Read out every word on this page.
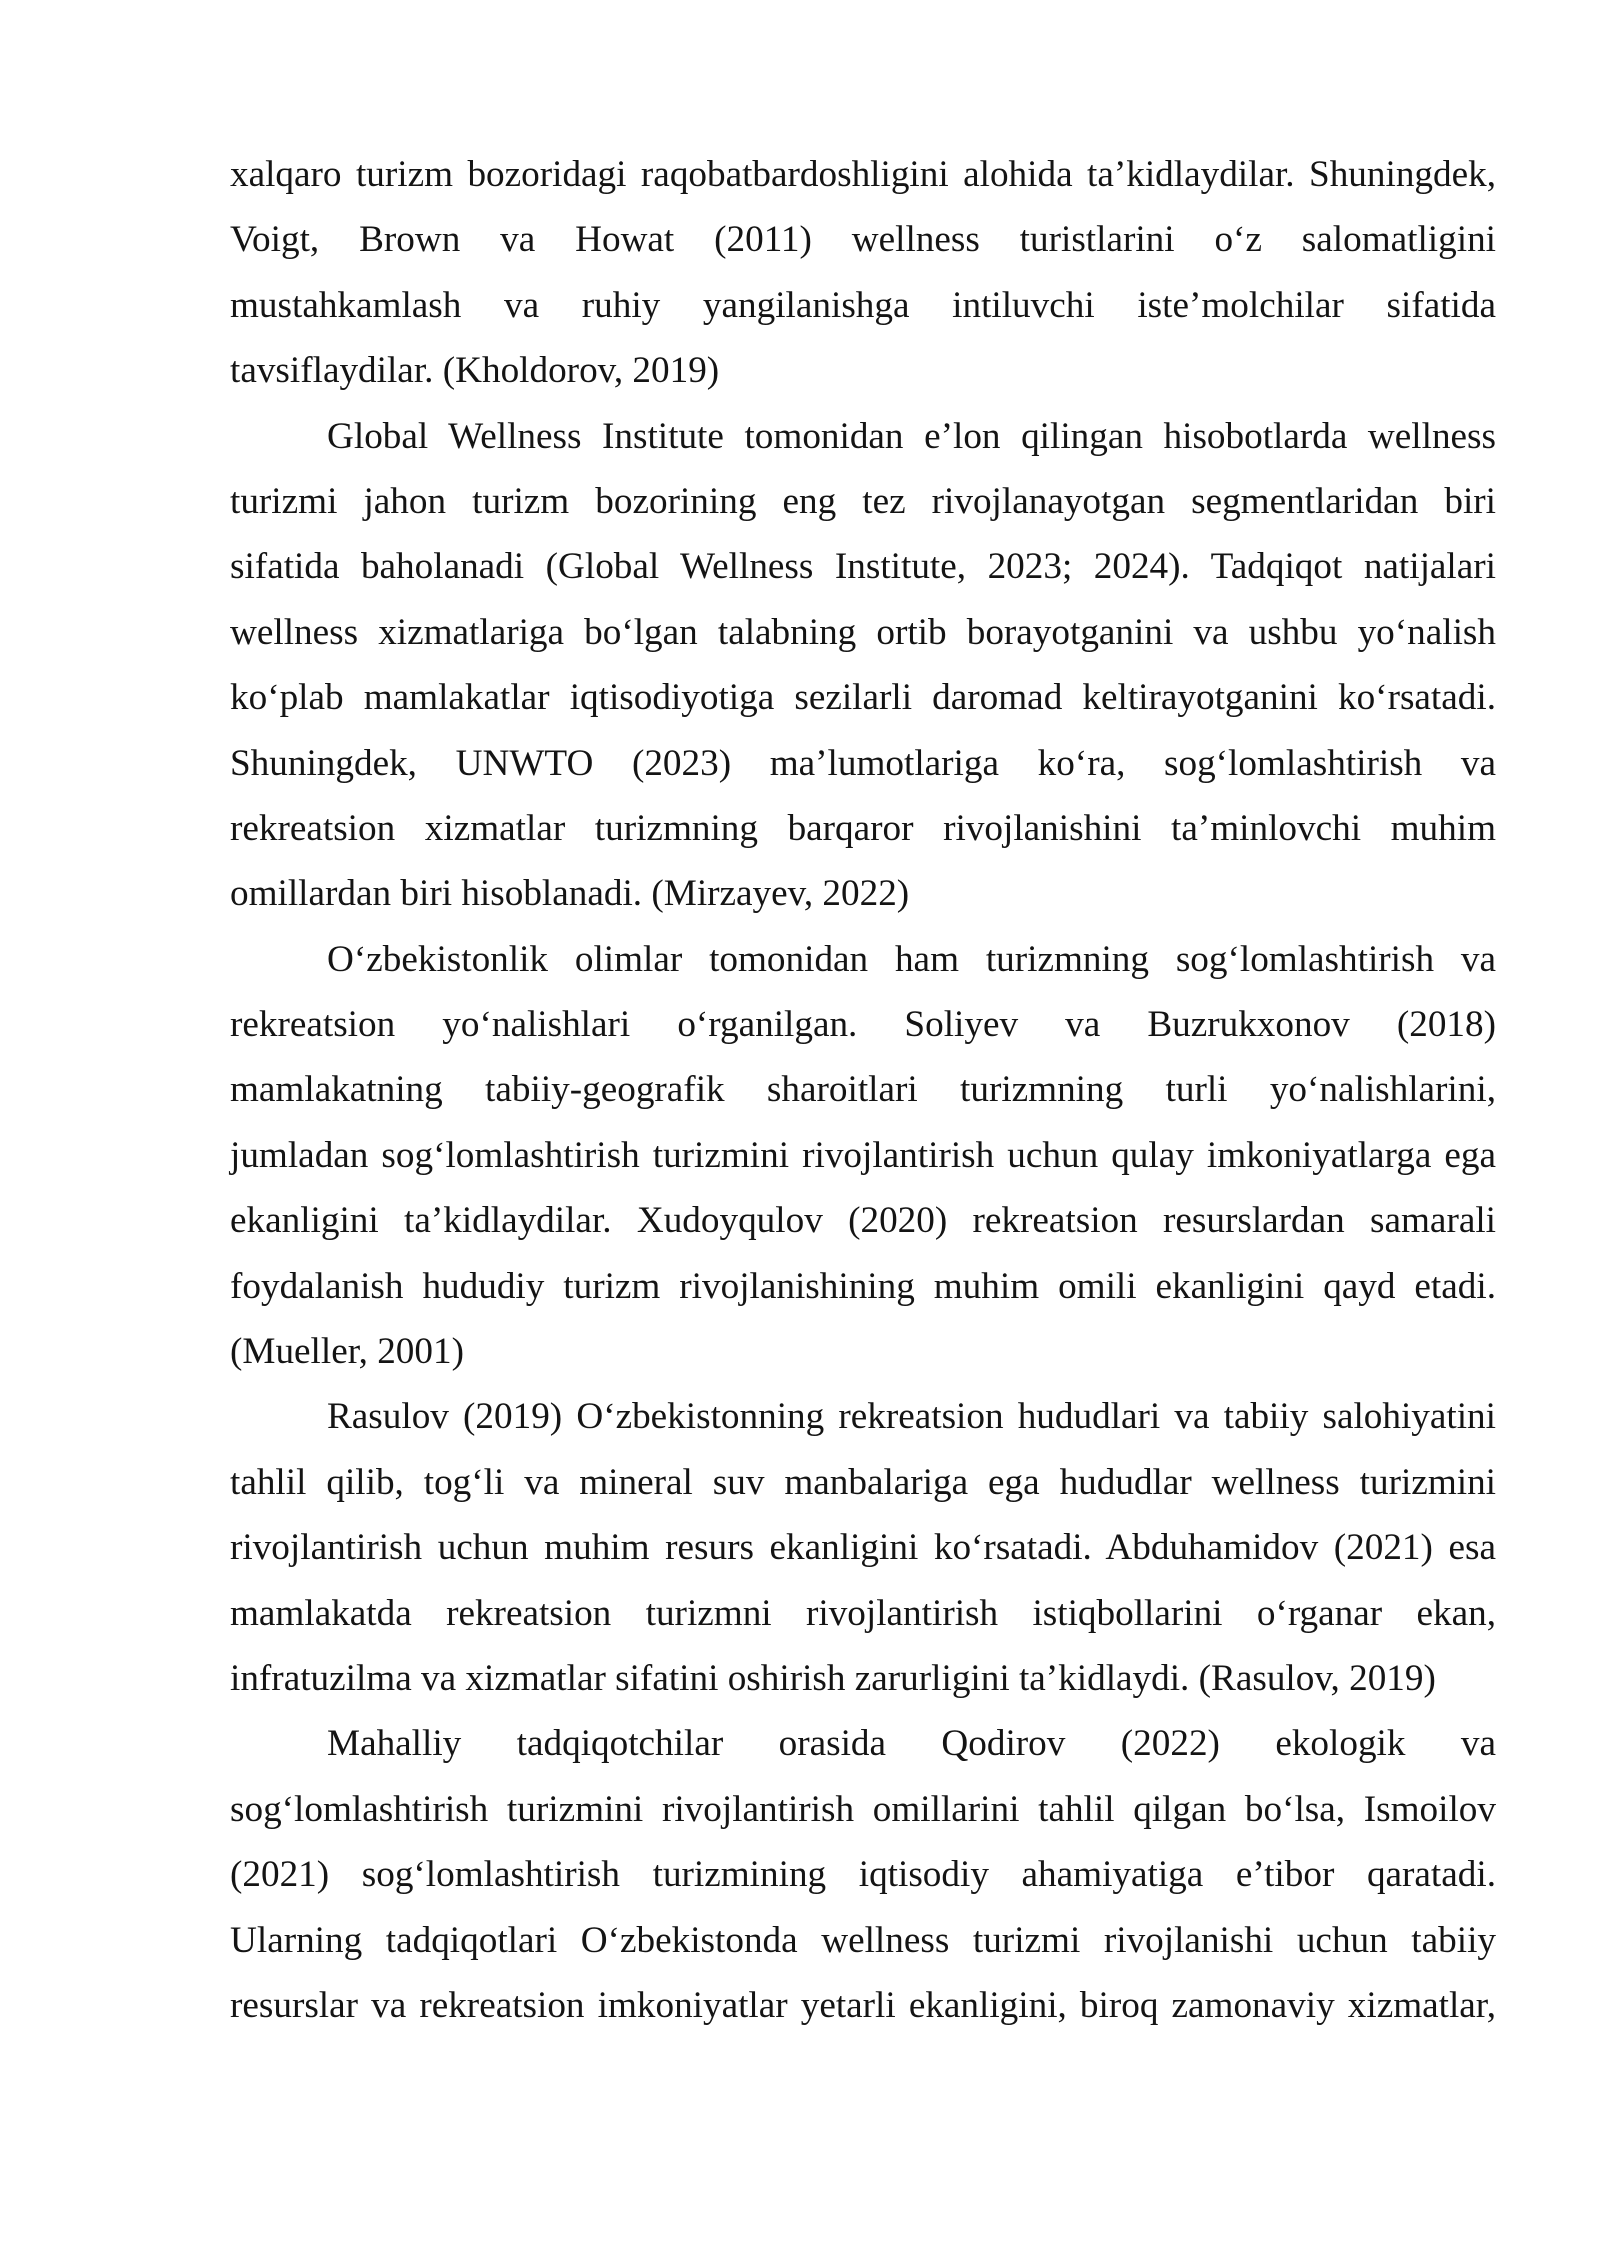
xalqaro turizm bozoridagi raqobatbardoshligini alohida ta’kidlaydilar. Shuningdek,
Voigt, Brown va Howat (2011) wellness turistlarini o‘z salomatligini
mustahkamlash va ruhiy yangilanishga intiluvchi iste’molchilar sifatida
tavsiflaydilar. (Kholdorov, 2019)
Global Wellness Institute tomonidan e’lon qilingan hisobotlarda wellness
turizmi jahon turizm bozorining eng tez rivojlanayotgan segmentlaridan biri
sifatida baholanadi (Global Wellness Institute, 2023; 2024). Tadqiqot natijalari
wellness xizmatlariga bo‘lgan talabning ortib borayotganini va ushbu yo‘nalish
ko‘plab mamlakatlar iqtisodiyotiga sezilarli daromad keltirayotganini ko‘rsatadi.
Shuningdek, UNWTO (2023) ma’lumotlariga ko‘ra, sog‘lomlashtirish va
rekreatsion xizmatlar turizmning barqaror rivojlanishini ta’minlovchi muhim
omillardan biri hisoblanadi. (Mirzayev, 2022)
O‘zbekistonlik olimlar tomonidan ham turizmning sog‘lomlashtirish va
rekreatsion yo‘nalishlari o‘rganilgan. Soliyev va Buzrukxonov (2018)
mamlakatning tabiiy-geografik sharoitlari turizmning turli yo‘nalishlarini,
jumladan sog‘lomlashtirish turizmini rivojlantirish uchun qulay imkoniyatlarga ega
ekanligini ta’kidlaydilar. Xudoyqulov (2020) rekreatsion resurslardan samarali
foydalanish hududiy turizm rivojlanishining muhim omili ekanligini qayd etadi.
(Mueller, 2001)
Rasulov (2019) O‘zbekistonning rekreatsion hududlari va tabiiy salohiyatini
tahlil qilib, tog‘li va mineral suv manbalariga ega hududlar wellness turizmini
rivojlantirish uchun muhim resurs ekanligini ko‘rsatadi. Abduhamidov (2021) esa
mamlakatda rekreatsion turizmni rivojlantirish istiqbollarini o‘rganar ekan,
infratuzilma va xizmatlar sifatini oshirish zarurligini ta’kidlaydi. (Rasulov, 2019)
Mahalliy tadqiqotchilar orasida Qodirov (2022) ekologik va
sog‘lomlashtirish turizmini rivojlantirish omillarini tahlil qilgan bo‘lsa, Ismoilov
(2021) sog‘lomlashtirish turizmining iqtisodiy ahamiyatiga e’tibor qaratadi.
Ularning tadqiqotlari O‘zbekistonda wellness turizmi rivojlanishi uchun tabiiy
resurslar va rekreatsion imkoniyatlar yetarli ekanligini, biroq zamonaviy xizmatlar,
